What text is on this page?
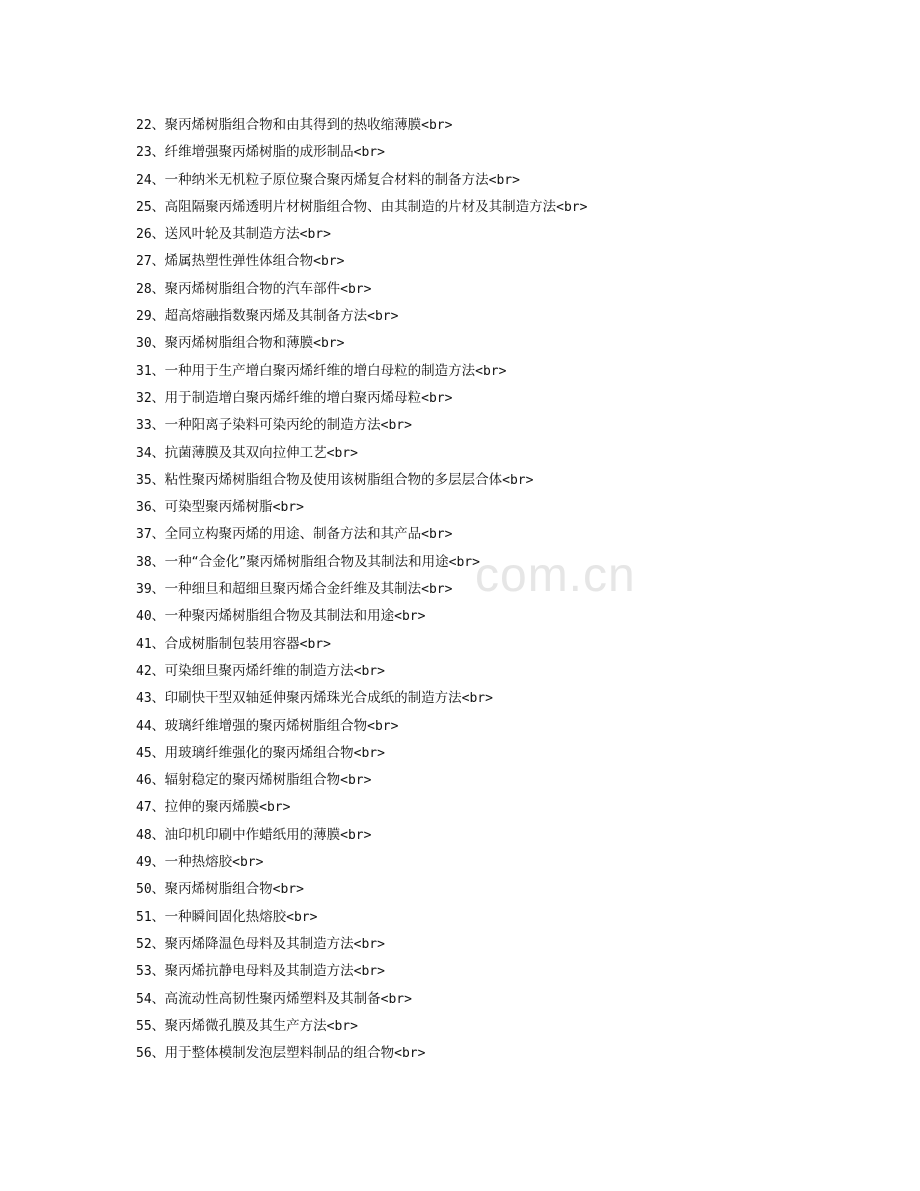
com.cn
22、聚丙烯树脂组合物和由其得到的热收缩薄膜<br>
23、纤维增强聚丙烯树脂的成形制品<br>
24、一种纳米无机粒子原位聚合聚丙烯复合材料的制备方法<br>
25、高阻隔聚丙烯透明片材树脂组合物、由其制造的片材及其制造方法<br>
26、送风叶轮及其制造方法<br>
27、烯属热塑性弹性体组合物<br>
28、聚丙烯树脂组合物的汽车部件<br>
29、超高熔融指数聚丙烯及其制备方法<br>
30、聚丙烯树脂组合物和薄膜<br>
31、一种用于生产增白聚丙烯纤维的增白母粒的制造方法<br>
32、用于制造增白聚丙烯纤维的增白聚丙烯母粒<br>
33、一种阳离子染料可染丙纶的制造方法<br>
34、抗菌薄膜及其双向拉伸工艺<br>
35、粘性聚丙烯树脂组合物及使用该树脂组合物的多层层合体<br>
36、可染型聚丙烯树脂<br>
37、全同立构聚丙烯的用途、制备方法和其产品<br>
38、一种“合金化”聚丙烯树脂组合物及其制法和用途<br>
39、一种细旦和超细旦聚丙烯合金纤维及其制法<br>
40、一种聚丙烯树脂组合物及其制法和用途<br>
41、合成树脂制包装用容器<br>
42、可染细旦聚丙烯纤维的制造方法<br>
43、印刷快干型双轴延伸聚丙烯珠光合成纸的制造方法<br>
44、玻璃纤维增强的聚丙烯树脂组合物<br>
45、用玻璃纤维强化的聚丙烯组合物<br>
46、辐射稳定的聚丙烯树脂组合物<br>
47、拉伸的聚丙烯膜<br>
48、油印机印刷中作蜡纸用的薄膜<br>
49、一种热熔胶<br>
50、聚丙烯树脂组合物<br>
51、一种瞬间固化热熔胶<br>
52、聚丙烯降温色母料及其制造方法<br>
53、聚丙烯抗静电母料及其制造方法<br>
54、高流动性高韧性聚丙烯塑料及其制备<br>
55、聚丙烯微孔膜及其生产方法<br>
56、用于整体模制发泡层塑料制品的组合物<br>
